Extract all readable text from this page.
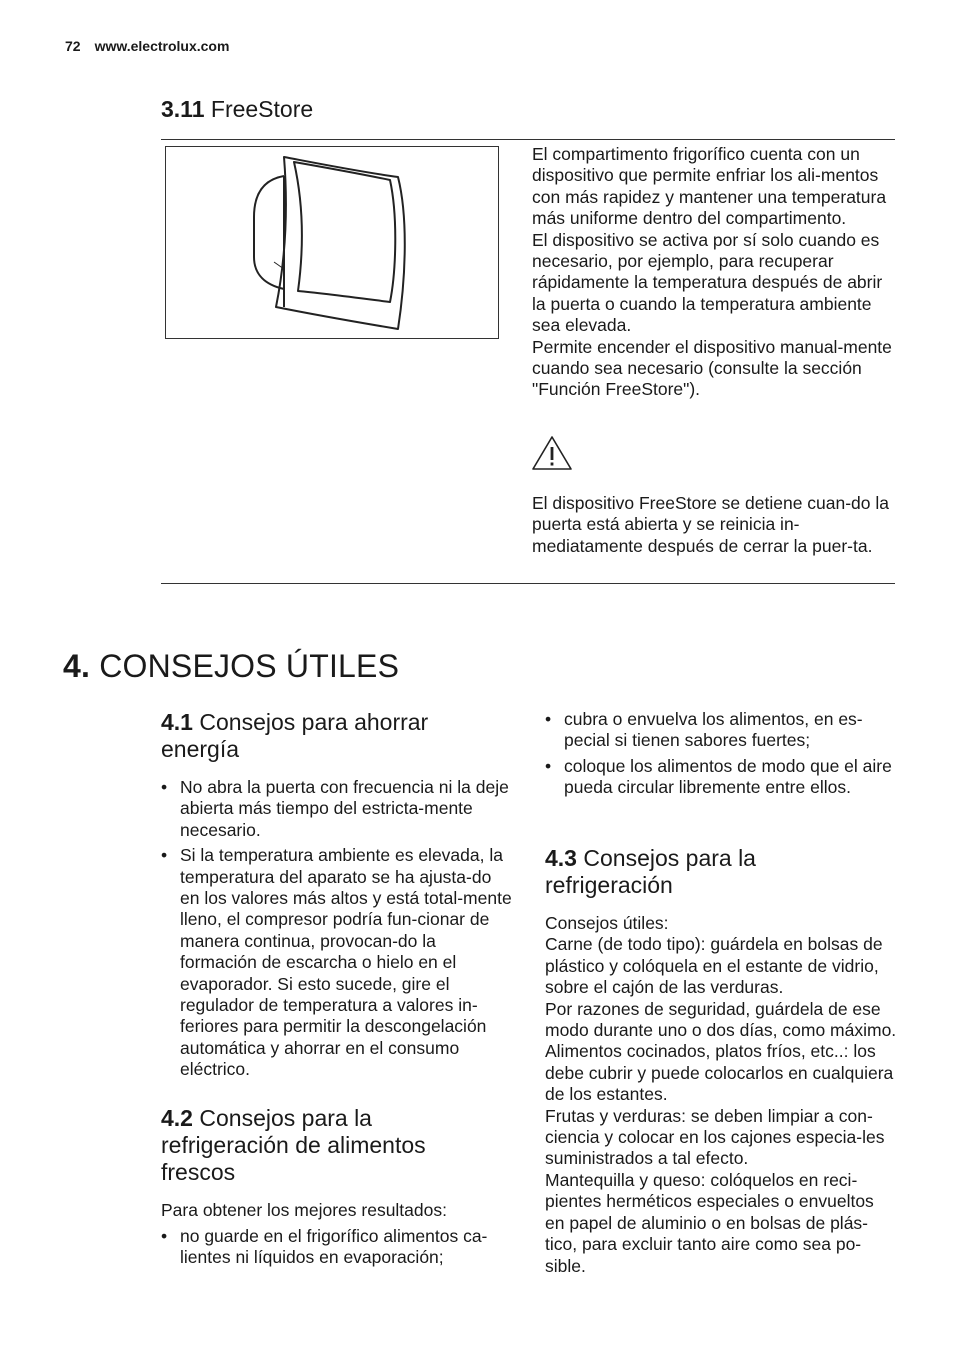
72 www.electrolux.com
3.11 FreeStore
El compartimento frigorífico cuenta con un dispositivo que permite enfriar los ali-mentos con más rapidez y mantener una temperatura más uniforme dentro del compartimento.
El dispositivo se activa por sí solo cuando es necesario, por ejemplo, para recuperar rápidamente la temperatura después de abrir la puerta o cuando la temperatura ambiente sea elevada.
Permite encender el dispositivo manual-mente cuando sea necesario (consulte la sección "Función FreeStore").
El dispositivo FreeStore se detiene cuan-do la puerta está abierta y se reinicia in-mediatamente después de cerrar la puer-ta.
4. CONSEJOS ÚTILES
4.1 Consejos para ahorrar energía
• No abra la puerta con frecuencia ni la deje abierta más tiempo del estricta-mente necesario.
• Si la temperatura ambiente es elevada, la temperatura del aparato se ha ajusta-do en los valores más altos y está total-mente lleno, el compresor podría fun-cionar de manera continua, provocan-do la formación de escarcha o hielo en el evaporador. Si esto sucede, gire el regulador de temperatura a valores in-feriores para permitir la descongelación automática y ahorrar en el consumo eléctrico.
4.2 Consejos para la refrigeración de alimentos frescos
Para obtener los mejores resultados:
• no guarde en el frigorífico alimentos ca-lientes ni líquidos en evaporación;
• cubra o envuelva los alimentos, en es-pecial si tienen sabores fuertes;
• coloque los alimentos de modo que el aire pueda circular libremente entre ellos.
4.3 Consejos para la refrigeración
Consejos útiles:
Carne (de todo tipo): guárdela en bolsas de plástico y colóquela en el estante de vidrio, sobre el cajón de las verduras.
Por razones de seguridad, guárdela de ese modo durante uno o dos días, como máximo.
Alimentos cocinados, platos fríos, etc..: los debe cubrir y puede colocarlos en cualquiera de los estantes.
Frutas y verduras: se deben limpiar a con-ciencia y colocar en los cajones especia-les suministrados a tal efecto.
Mantequilla y queso: colóquelos en reci-pientes herméticos especiales o envueltos en papel de aluminio o en bolsas de plás-tico, para excluir tanto aire como sea po-sible.
